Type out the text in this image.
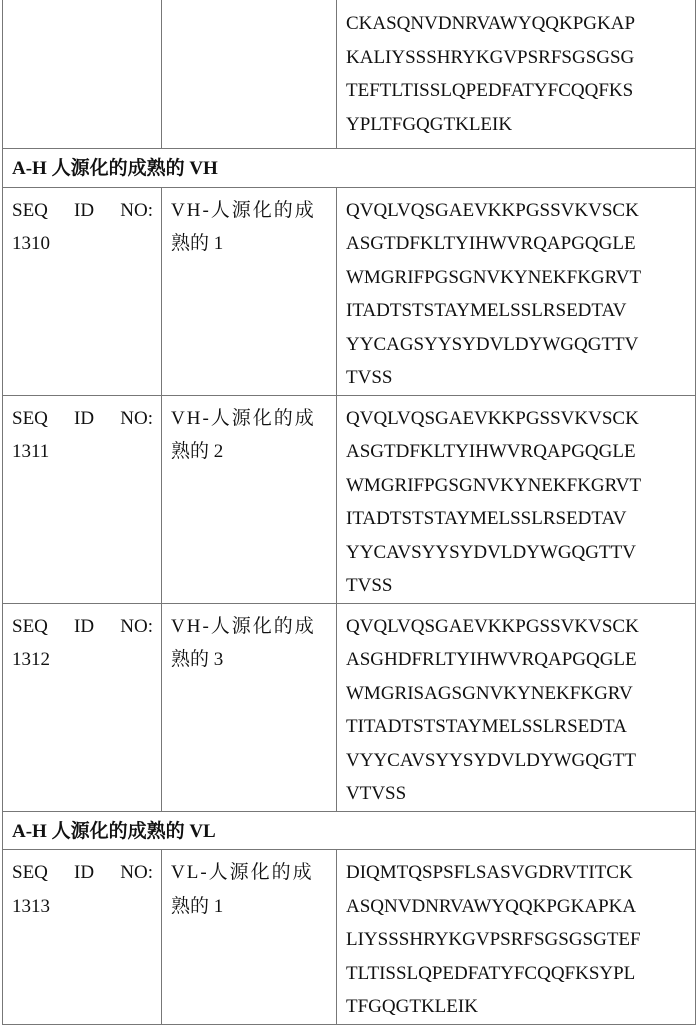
CKASQNVDNRVAWYQQKPGKAP
KALIYSSSHRYKGVPSRFSGSGSG
TEFTLTISSLQPEDFATYFCQQFKS
YPLTFGQGTKLEIK

A-H 人源化的成熟的 VH

SEQ ID NO:
1310

VH-人源化的成
熟的 1

QVQLVQSGAEVKKPGSSVKVSCK
ASGTDFKLTYIHWVRQAPGQGLE
WMGRIFPGSGNVKYNEKFKGRVT
ITADTSTSTAYMELSSLRSEDTAV
YYCAGSYYSYDVLDYWGQGTTV
TVSS

SEQ ID NO:
1311

VH-人源化的成
熟的 2

QVQLVQSGAEVKKPGSSVKVSCK
ASGTDFKLTYIHWVRQAPGQGLE
WMGRIFPGSGNVKYNEKFKGRVT
ITADTSTSTAYMELSSLRSEDTAV
YYCAVSYYSYDVLDYWGQGTTV
TVSS

SEQ ID NO:
1312

VH-人源化的成
熟的 3

QVQLVQSGAEVKKPGSSVKVSCK
ASGHDFRLTYIHWVRQAPGQGLE
WMGRISAGSGNVKYNEKFKGRV
TITADTSTSTAYMELSSLRSEDTA
VYYCAVSYYSYDVLDYWGQGTT
VTVSS

A-H 人源化的成熟的 VL

SEQ ID NO:
1313

VL-人源化的成
熟的 1

DIQMTQSPSFLSASVGDRVTITCK
ASQNVDNRVAWYQQKPGKAPKA
LIYSSSHRYKGVPSRFSGSGSGTEF
TLTISSLQPEDFATYFCQQFKSYPL
TFGQGTKLEIK
